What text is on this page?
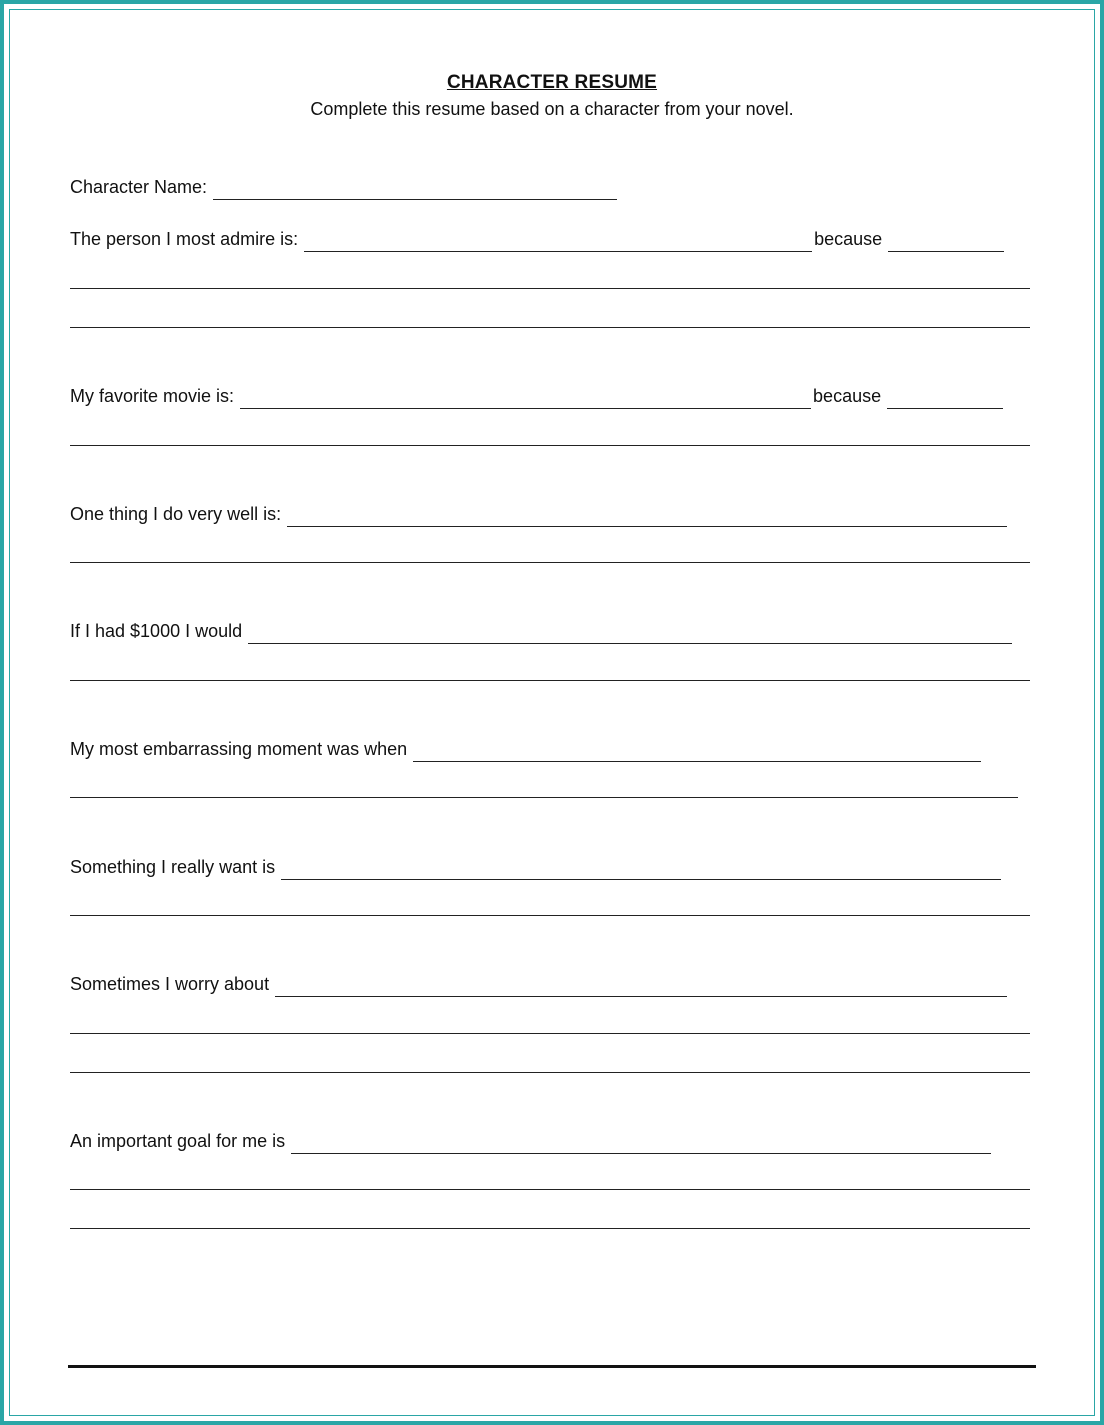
CHARACTER RESUME
Complete this resume based on a character from your novel.
Character Name:
The person I most admire is:	because
My favorite movie is:	because
One thing I do very well is:
If I had $1000 I would
My most embarrassing moment was when
Something I really want is
Sometimes I worry about
An important goal for me is
